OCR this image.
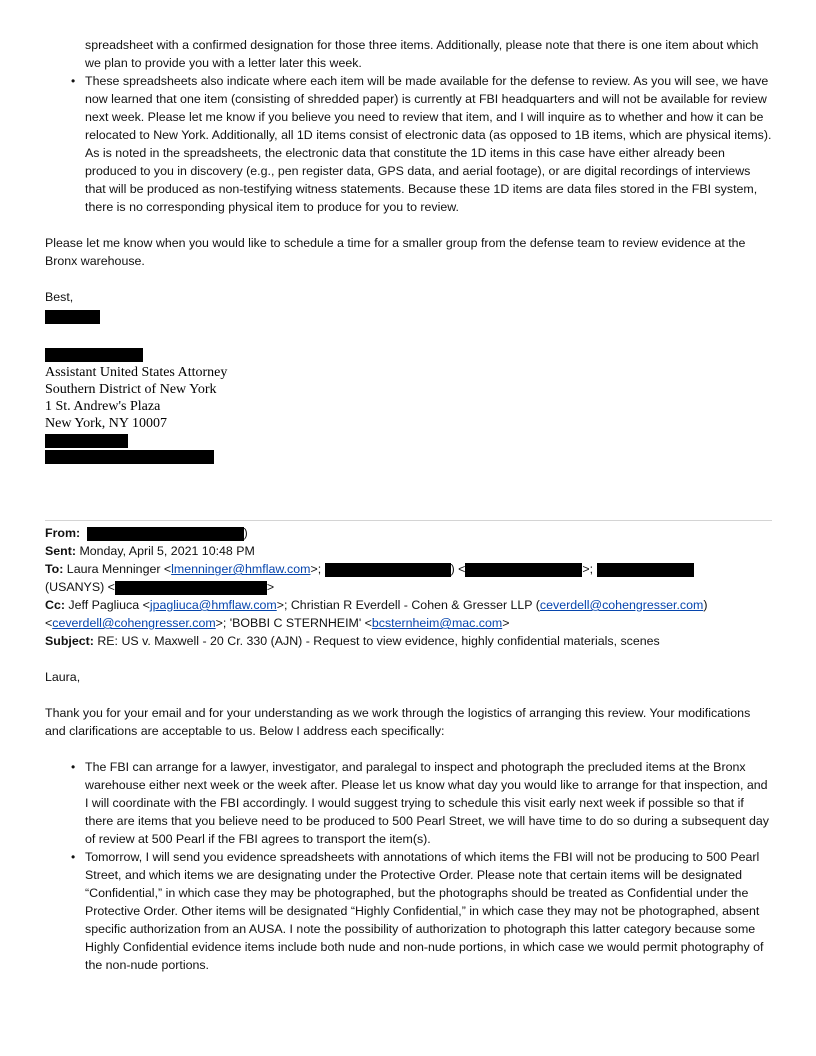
spreadsheet with a confirmed designation for those three items. Additionally, please note that there is one item about which we plan to provide you with a letter later this week.
• These spreadsheets also indicate where each item will be made available for the defense to review. As you will see, we have now learned that one item (consisting of shredded paper) is currently at FBI headquarters and will not be available for review next week. Please let me know if you believe you need to review that item, and I will inquire as to whether and how it can be relocated to New York. Additionally, all 1D items consist of electronic data (as opposed to 1B items, which are physical items). As is noted in the spreadsheets, the electronic data that constitute the 1D items in this case have either already been produced to you in discovery (e.g., pen register data, GPS data, and aerial footage), or are digital recordings of interviews that will be produced as non-testifying witness statements. Because these 1D items are data files stored in the FBI system, there is no corresponding physical item to produce for you to review.

Please let me know when you would like to schedule a time for a smaller group from the defense team to review evidence at the Bronx warehouse.

Best,

Assistant United States Attorney
Southern District of New York
1 St. Andrew's Plaza
New York, NY 10007
From:	)
Sent: Monday, April 5, 2021 10:48 PM
To: Laura Menninger <lmenninger@hmflaw.com>;	) <	>;
(USANYS) <	>
Cc: Jeff Pagliuca <jpagliuca@hmflaw.com>; Christian R Everdell - Cohen & Gresser LLP (ceverdell@cohengresser.com)
<ceverdell@cohengresser.com>; 'BOBBI C STERNHEIM' <bcsternheim@mac.com>
Subject: RE: US v. Maxwell - 20 Cr. 330 (AJN) - Request to view evidence, highly confidential materials, scenes

Laura,

Thank you for your email and for your understanding as we work through the logistics of arranging this review. Your modifications and clarifications are acceptable to us. Below I address each specifically:

• The FBI can arrange for a lawyer, investigator, and paralegal to inspect and photograph the precluded items at the Bronx warehouse either next week or the week after. Please let us know what day you would like to arrange for that inspection, and I will coordinate with the FBI accordingly. I would suggest trying to schedule this visit early next week if possible so that if there are items that you believe need to be produced to 500 Pearl Street, we will have time to do so during a subsequent day of review at 500 Pearl if the FBI agrees to transport the item(s).
• Tomorrow, I will send you evidence spreadsheets with annotations of which items the FBI will not be producing to 500 Pearl Street, and which items we are designating under the Protective Order. Please note that certain items will be designated “Confidential,” in which case they may be photographed, but the photographs should be treated as Confidential under the Protective Order. Other items will be designated “Highly Confidential,” in which case they may not be photographed, absent specific authorization from an AUSA. I note the possibility of authorization to photograph this latter category because some Highly Confidential evidence items include both nude and non-nude portions, in which case we would permit photography of the non-nude portions.
